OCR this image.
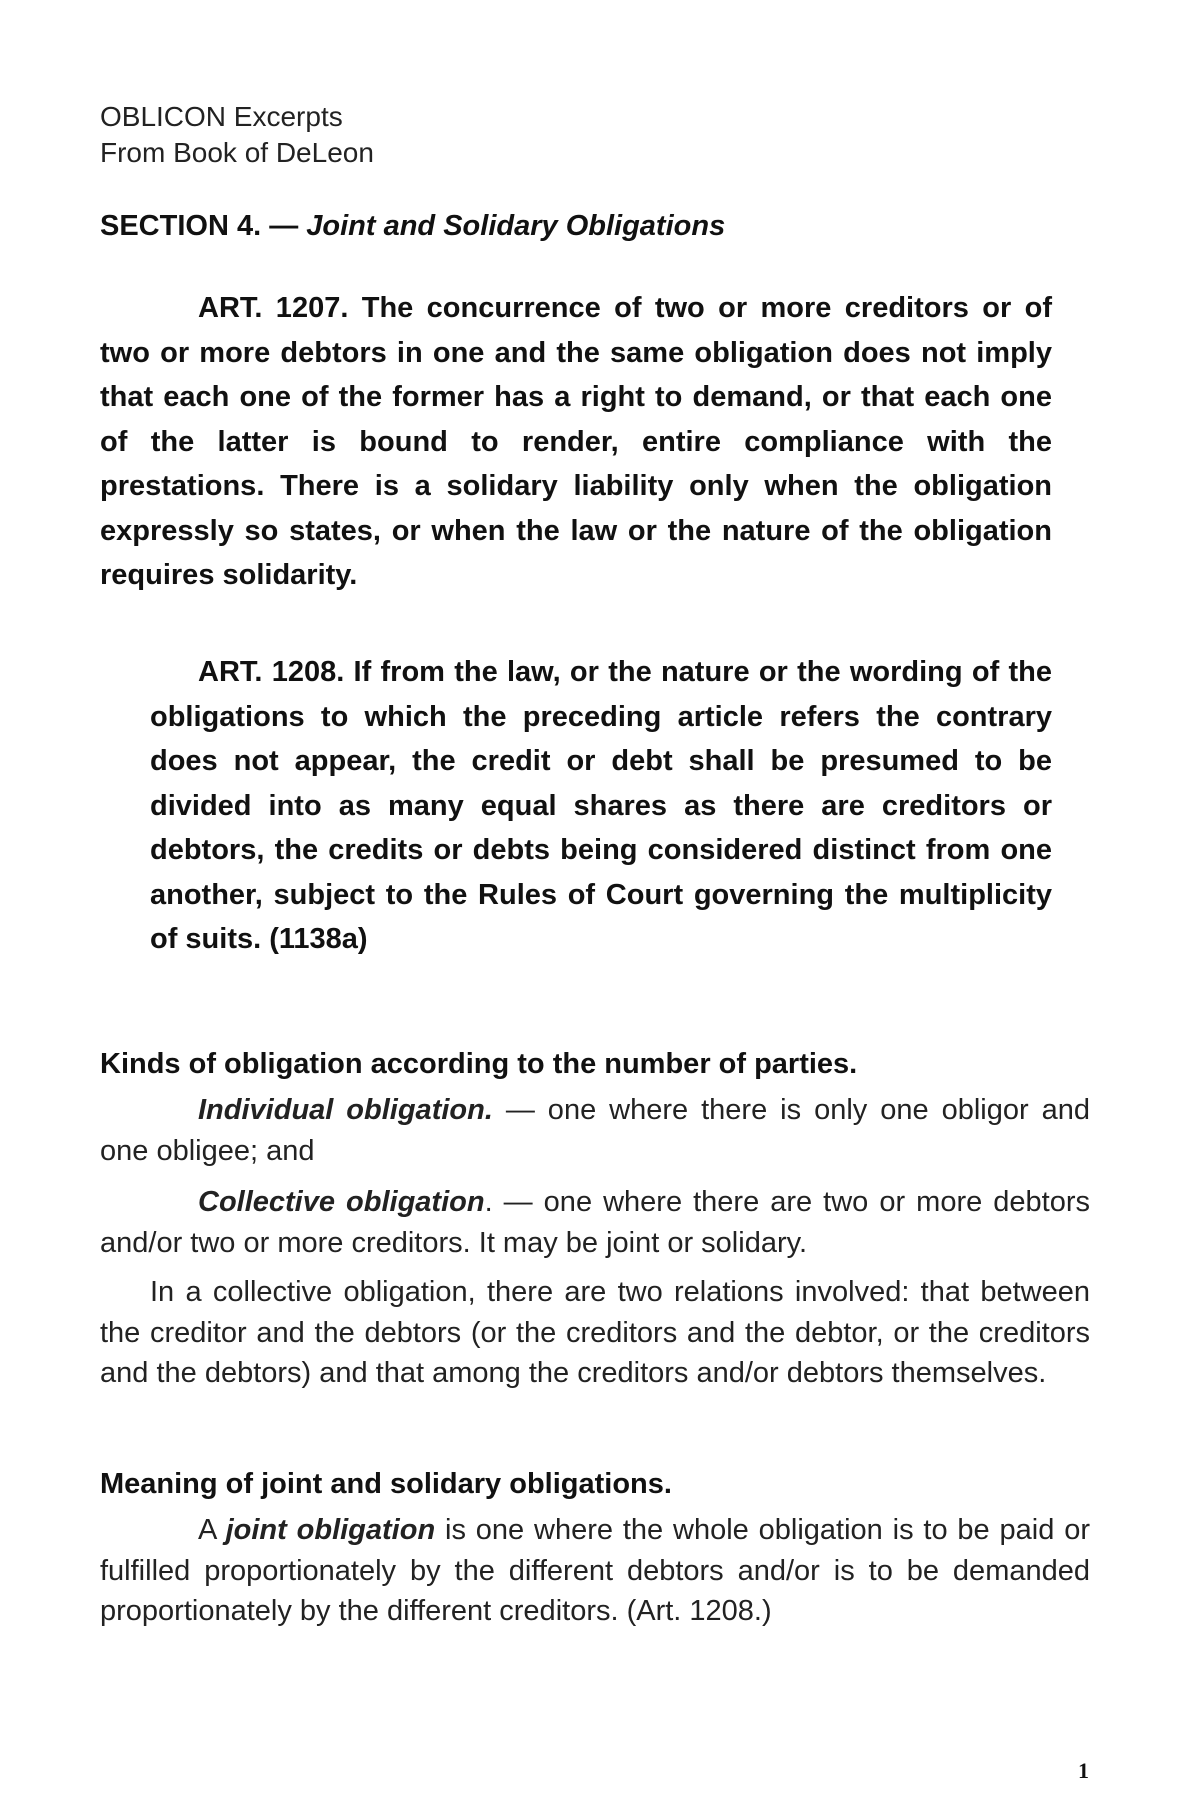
OBLICON Excerpts
From Book of DeLeon
SECTION 4. — Joint and Solidary Obligations
ART. 1207. The concurrence of two or more creditors or of two or more debtors in one and the same obligation does not imply that each one of the former has a right to demand, or that each one of the latter is bound to render, entire compliance with the prestations. There is a solidary liability only when the obligation expressly so states, or when the law or the nature of the obligation requires solidarity.
ART. 1208. If from the law, or the nature or the wording of the obligations to which the preceding article refers the contrary does not appear, the credit or debt shall be presumed to be divided into as many equal shares as there are creditors or debtors, the credits or debts being considered distinct from one another, subject to the Rules of Court governing the multiplicity of suits. (1138a)
Kinds of obligation according to the number of parties.
Individual obligation. — one where there is only one obligor and one obligee; and
Collective obligation. — one where there are two or more debtors and/or two or more creditors. It may be joint or solidary.
In a collective obligation, there are two relations involved: that between the creditor and the debtors (or the creditors and the debtor, or the creditors and the debtors) and that among the creditors and/or debtors themselves.
Meaning of joint and solidary obligations.
A joint obligation is one where the whole obligation is to be paid or fulfilled proportionately by the different debtors and/or is to be demanded proportionately by the different creditors. (Art. 1208.)
1
